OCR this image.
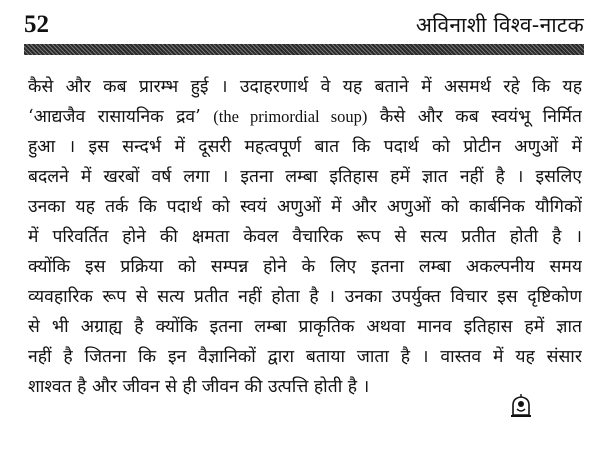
52	अविनाशी विश्व-नाटक
कैसे और कब प्रारम्भ हुई । उदाहरणार्थ वे यह बताने में असमर्थ रहे कि यह
‘आद्यजैव रासायनिक द्रव’ (the primordial soup) कैसे और कब स्वयंभू निर्मित
हुआ । इस सन्दर्भ में दूसरी महत्वपूर्ण बात कि पदार्थ को प्रोटीन अणुओं में
बदलने में खरबों वर्ष लगा । इतना लम्बा इतिहास हमें ज्ञात नहीं है । इसलिए
उनका यह तर्क कि पदार्थ को स्वयं अणुओं में और अणुओं को कार्बनिक यौगिकों
में परिवर्तित होने की क्षमता केवल वैचारिक रूप से सत्य प्रतीत होती है ।
क्योंकि इस प्रक्रिया को सम्पन्न होने के लिए इतना लम्बा अकल्पनीय समय
व्यवहारिक रूप से सत्य प्रतीत नहीं होता है । उनका उपर्युक्त विचार इस दृष्टिकोण
से भी अग्राह्य है क्योंकि इतना लम्बा प्राकृतिक अथवा मानव इतिहास हमें ज्ञात
नहीं है जितना कि इन वैज्ञानिकों द्वारा बताया जाता है । वास्तव में यह संसार
शाश्वत है और जीवन से ही जीवन की उत्पत्ति होती है ।
